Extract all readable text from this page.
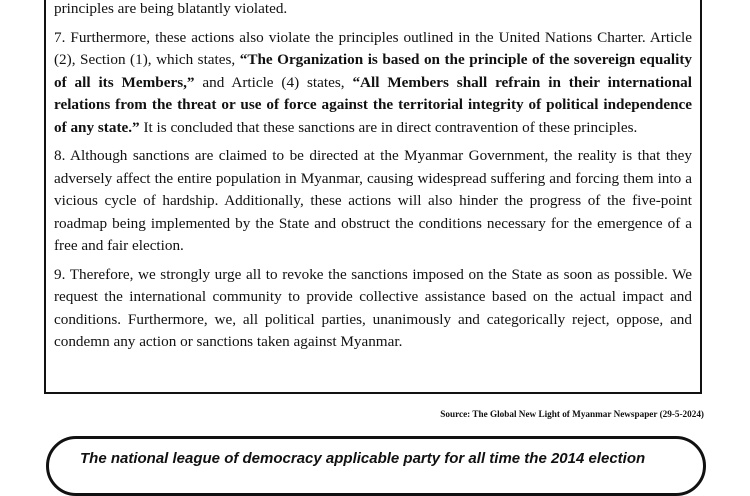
principles are being blatantly violated.

7. Furthermore, these actions also violate the principles outlined in the United Nations Charter. Article (2), Section (1), which states, “The Organization is based on the principle of the sovereign equality of all its Members,” and Article (4) states, “All Members shall refrain in their international relations from the threat or use of force against the territorial integrity of political independence of any state.” It is concluded that these sanctions are in direct contravention of these principles.

8. Although sanctions are claimed to be directed at the Myanmar Government, the reality is that they adversely affect the entire population in Myanmar, causing widespread suffering and forcing them into a vicious cycle of hardship. Additionally, these actions will also hinder the progress of the five-point roadmap being implemented by the State and obstruct the conditions necessary for the emergence of a free and fair election.

9. Therefore, we strongly urge all to revoke the sanctions imposed on the State as soon as possible. We request the international community to provide collective assistance based on the actual impact and conditions. Furthermore, we, all political parties, unanimously and categorically reject, oppose, and condemn any action or sanctions taken against Myanmar.

Source: The Global New Light of Myanmar Newspaper (29-5-2024)
The national league of democracy applicable party for all time the 2014 election
